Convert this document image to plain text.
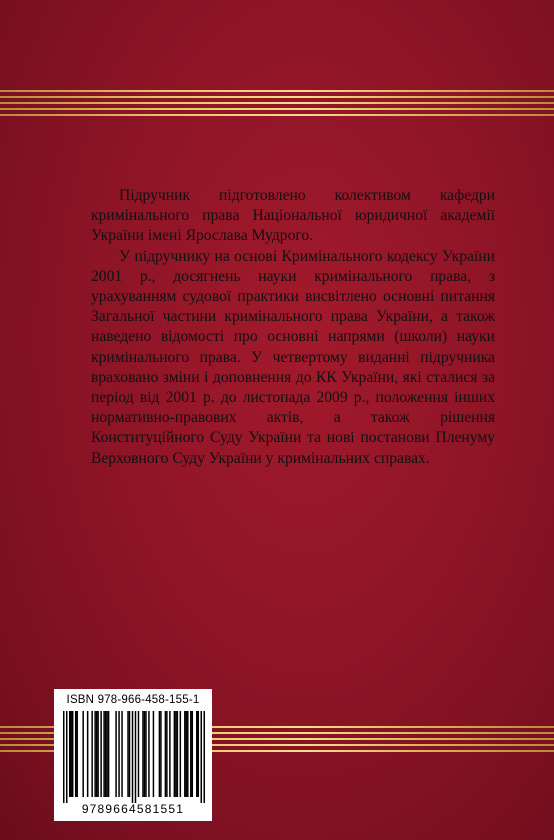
Підручник підготовлено колективом кафедри кримінального права Національної юридичної академії України імені Ярослава Мудрого.

У підручнику на основі Кримінального кодексу України 2001 р., досягнень науки кримінального права, з урахуванням судової практики висвітлено основні питання Загальної частини кримінального права України, а також наведено відомості про основні напрями (школи) науки кримінального права. У четвертому виданні підручника враховано зміни і доповнення до КК України, які сталися за період від 2001 р. до листопада 2009 р., положення інших нормативно-правових актів, а також рішення Конституційного Суду України та нові постанови Пленуму Верховного Суду України у кримінальних справах.

ISBN 978-966-458-155-1
9789664581551
